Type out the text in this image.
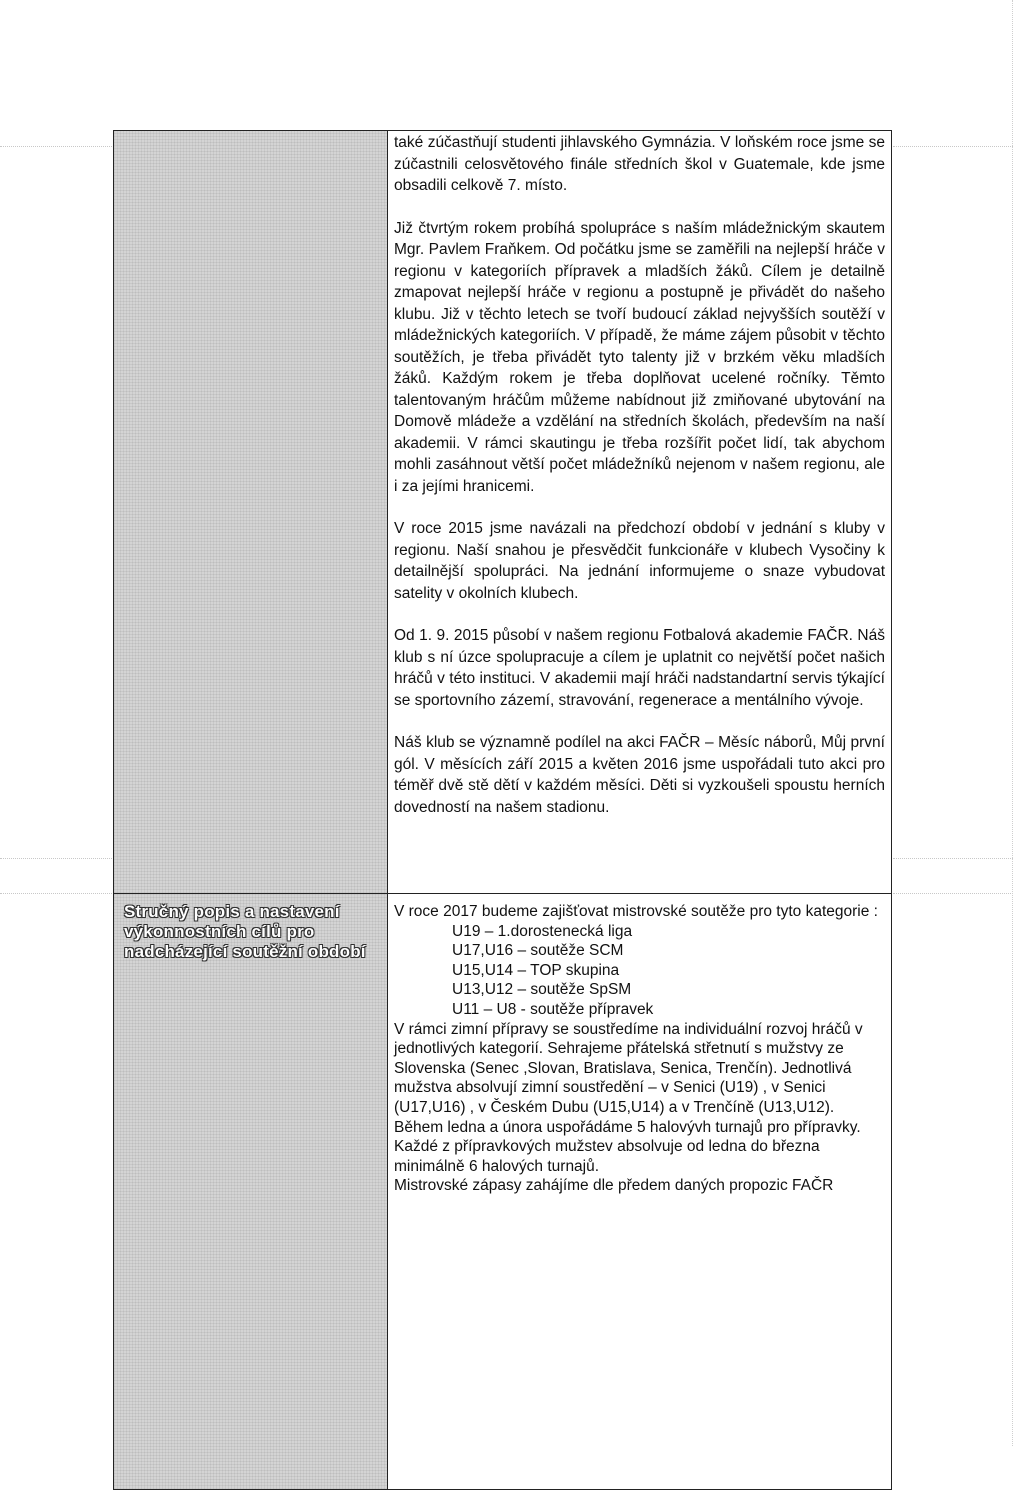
také zúčastňují studenti jihlavského Gymnázia. V loňském roce jsme se zúčastnili celosvětového finále středních škol v Guatemale, kde jsme obsadili celkově 7. místo.

Již čtvrtým rokem probíhá spolupráce s naším mládežnickým skautem Mgr. Pavlem Fraňkem. Od počátku jsme se zaměřili na nejlepší hráče v regionu v kategoriích přípravek a mladších žáků. Cílem je detailně zmapovat nejlepší hráče v regionu a postupně je přivádět do našeho klubu. Již v těchto letech se tvoří budoucí základ nejvyšších soutěží v mládežnických kategoriích. V případě, že máme zájem působit v těchto soutěžích, je třeba přivádět tyto talenty již v brzkém věku mladších žáků. Každým rokem je třeba doplňovat ucelené ročníky. Těmto talentovaným hráčům můžeme nabídnout již zmiňované ubytování na Domově mládeže a vzdělání na středních školách, především na naší akademii. V rámci skautingu je třeba rozšířit počet lidí, tak abychom mohli zasáhnout větší počet mládežníků nejenom v našem regionu, ale i za jejími hranicemi.

V roce 2015 jsme navázali na předchozí období v jednání s kluby v regionu. Naší snahou je přesvědčit funkcionáře v klubech Vysočiny k detailnější spolupráci. Na jednání informujeme o snaze vybudovat satelity v okolních klubech.

Od 1. 9. 2015 působí v našem regionu Fotbalová akademie FAČR. Náš klub s ní úzce spolupracuje a cílem je uplatnit co největší počet našich hráčů v této instituci. V akademii mají hráči nadstandartní servis týkající se sportovního zázemí, stravování, regenerace a mentálního vývoje.

Náš klub se významně podílel na akci FAČR – Měsíc náborů, Můj první gól. V měsících září 2015 a květen 2016 jsme uspořádali tuto akci pro téměř dvě stě dětí v každém měsíci. Děti si vyzkoušeli spoustu herních dovedností na našem stadionu.

Stručný popis a nastavení výkonnostních cílů pro nadcházející soutěžní období

V roce 2017 budeme zajišťovat mistrovské soutěže pro tyto kategorie :

U19 – 1.dorostenecká liga
U17,U16 – soutěže SCM
U15,U14 – TOP skupina
U13,U12 – soutěže SpSM
U11 – U8 - soutěže přípravek

V rámci zimní přípravy se soustředíme na individuální rozvoj hráčů v jednotlivých kategorií. Sehrajeme přátelská střetnutí s mužstvy ze Slovenska (Senec ,Slovan, Bratislava, Senica, Trenčín). Jednotlivá mužstva absolvují zimní soustředění – v Senici (U19) , v Senici (U17,U16) , v Českém Dubu (U15,U14) a v Trenčíně (U13,U12).

Během ledna a února uspořádáme 5 halovývh turnajů pro přípravky. Každé z přípravkových mužstev absolvuje od ledna do března minimálně 6 halových turnajů.

Mistrovské zápasy zahájíme dle předem daných propozic FAČR
